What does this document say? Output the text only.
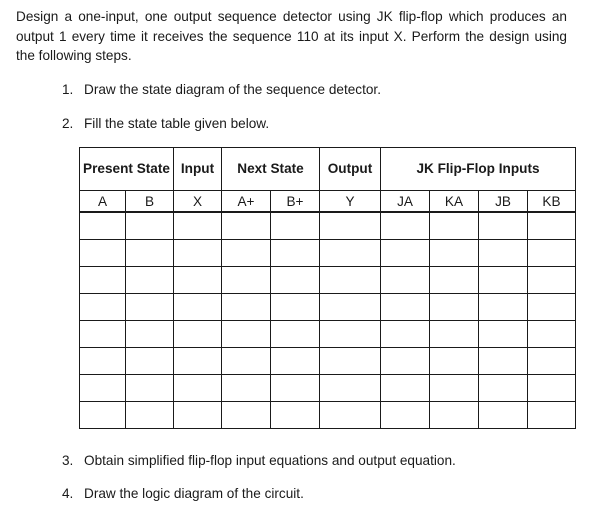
Design a one-input, one output sequence detector using JK flip-flop which produces an output 1 every time it receives the sequence 110 at its input X. Perform the design using the following steps.

1. Draw the state diagram of the sequence detector.

2. Fill the state table given below.

Present State		Input	Next State		Output	JK Flip-Flop Inputs			
A	B	X	A+	B+	Y	JA	KA	JB	KB

3. Obtain simplified flip-flop input equations and output equation.

4. Draw the logic diagram of the circuit.
